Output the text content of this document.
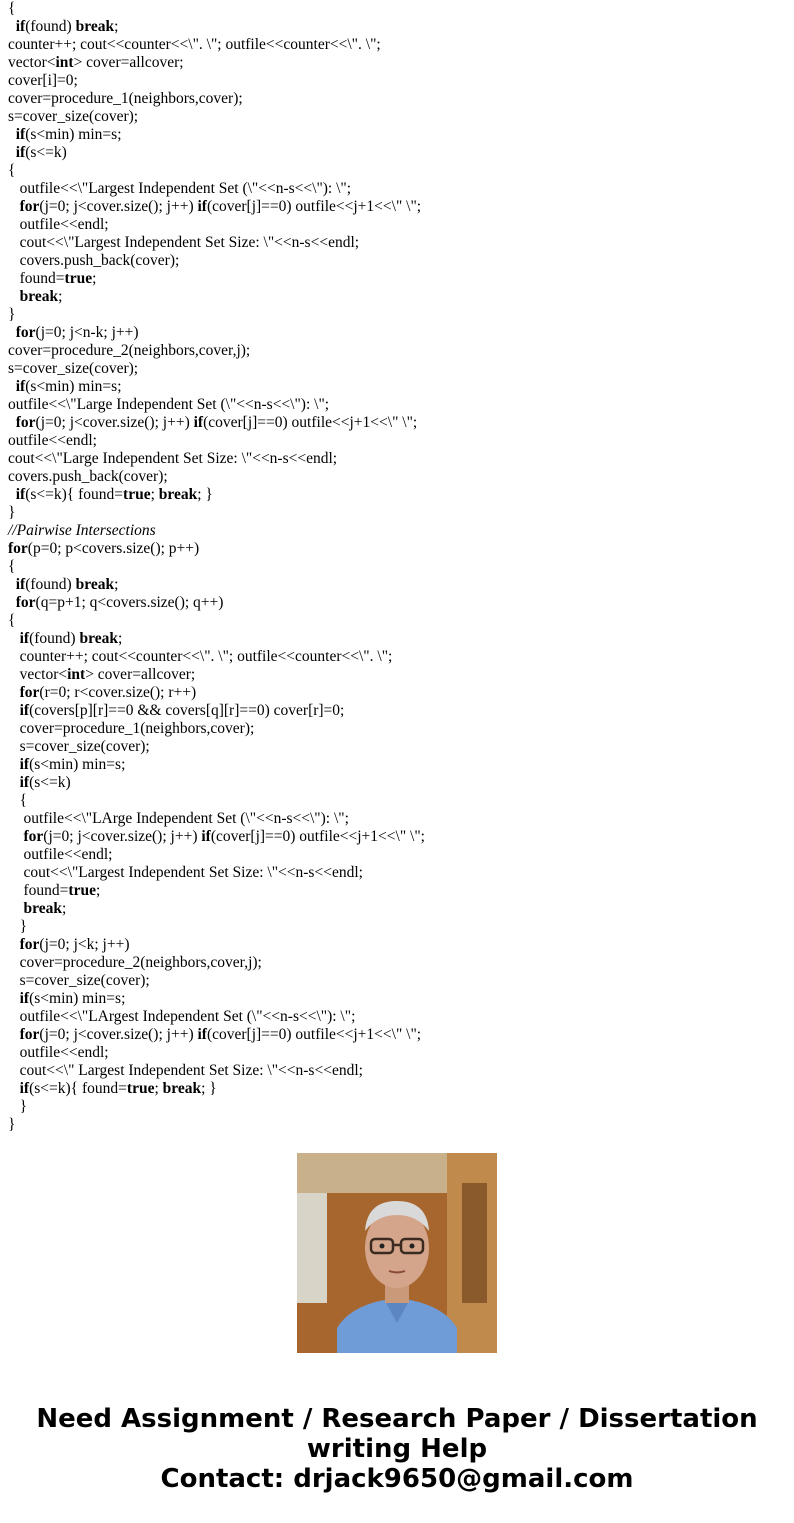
{
if(found) break;
counter++; cout<<counter<<\". \"; outfile<<counter<<\". \";
vector<int> cover=allcover;
cover[i]=0;
cover=procedure_1(neighbors,cover);
s=cover_size(cover);
if(s<min) min=s;
if(s<=k)
{
outfile<<\"Largest Independent Set (\"<<n-s<<\"): \";
for(j=0; j<cover.size(); j++) if(cover[j]==0) outfile<<j+1<<\" \";
outfile<<endl;
cout<<\"Largest Independent Set Size: \"<<n-s<<endl;
covers.push_back(cover);
found=true;
break;
}
for(j=0; j<n-k; j++)
cover=procedure_2(neighbors,cover,j);
s=cover_size(cover);
if(s<min) min=s;
outfile<<\"Large Independent Set (\"<<n-s<<\"): \";
for(j=0; j<cover.size(); j++) if(cover[j]==0) outfile<<j+1<<\" \";
outfile<<endl;
cout<<\"Large Independent Set Size: \"<<n-s<<endl;
covers.push_back(cover);
if(s<=k){ found=true; break; }
}
//Pairwise Intersections
for(p=0; p<covers.size(); p++)
{
if(found) break;
for(q=p+1; q<covers.size(); q++)
{
if(found) break;
counter++; cout<<counter<<\". \"; outfile<<counter<<\". \";
vector<int> cover=allcover;
for(r=0; r<cover.size(); r++)
if(covers[p][r]==0 && covers[q][r]==0) cover[r]=0;
cover=procedure_1(neighbors,cover);
s=cover_size(cover);
if(s<min) min=s;
if(s<=k)
{
outfile<<\"LArge Independent Set (\"<<n-s<<\"): \";
for(j=0; j<cover.size(); j++) if(cover[j]==0) outfile<<j+1<<\" \";
outfile<<endl;
cout<<\"Largest Independent Set Size: \"<<n-s<<endl;
found=true;
break;
}
for(j=0; j<k; j++)
cover=procedure_2(neighbors,cover,j);
s=cover_size(cover);
if(s<min) min=s;
outfile<<\"LArgest Independent Set (\"<<n-s<<\"): \";
for(j=0; j<cover.size(); j++) if(cover[j]==0) outfile<<j+1<<\" \";
outfile<<endl;
cout<<\" Largest Independent Set Size: \"<<n-s<<endl;
if(s<=k){ found=true; break; }
}
}
Need Assignment / Research Paper / Dissertation
writing Help
Contact: drjack9650@gmail.com
